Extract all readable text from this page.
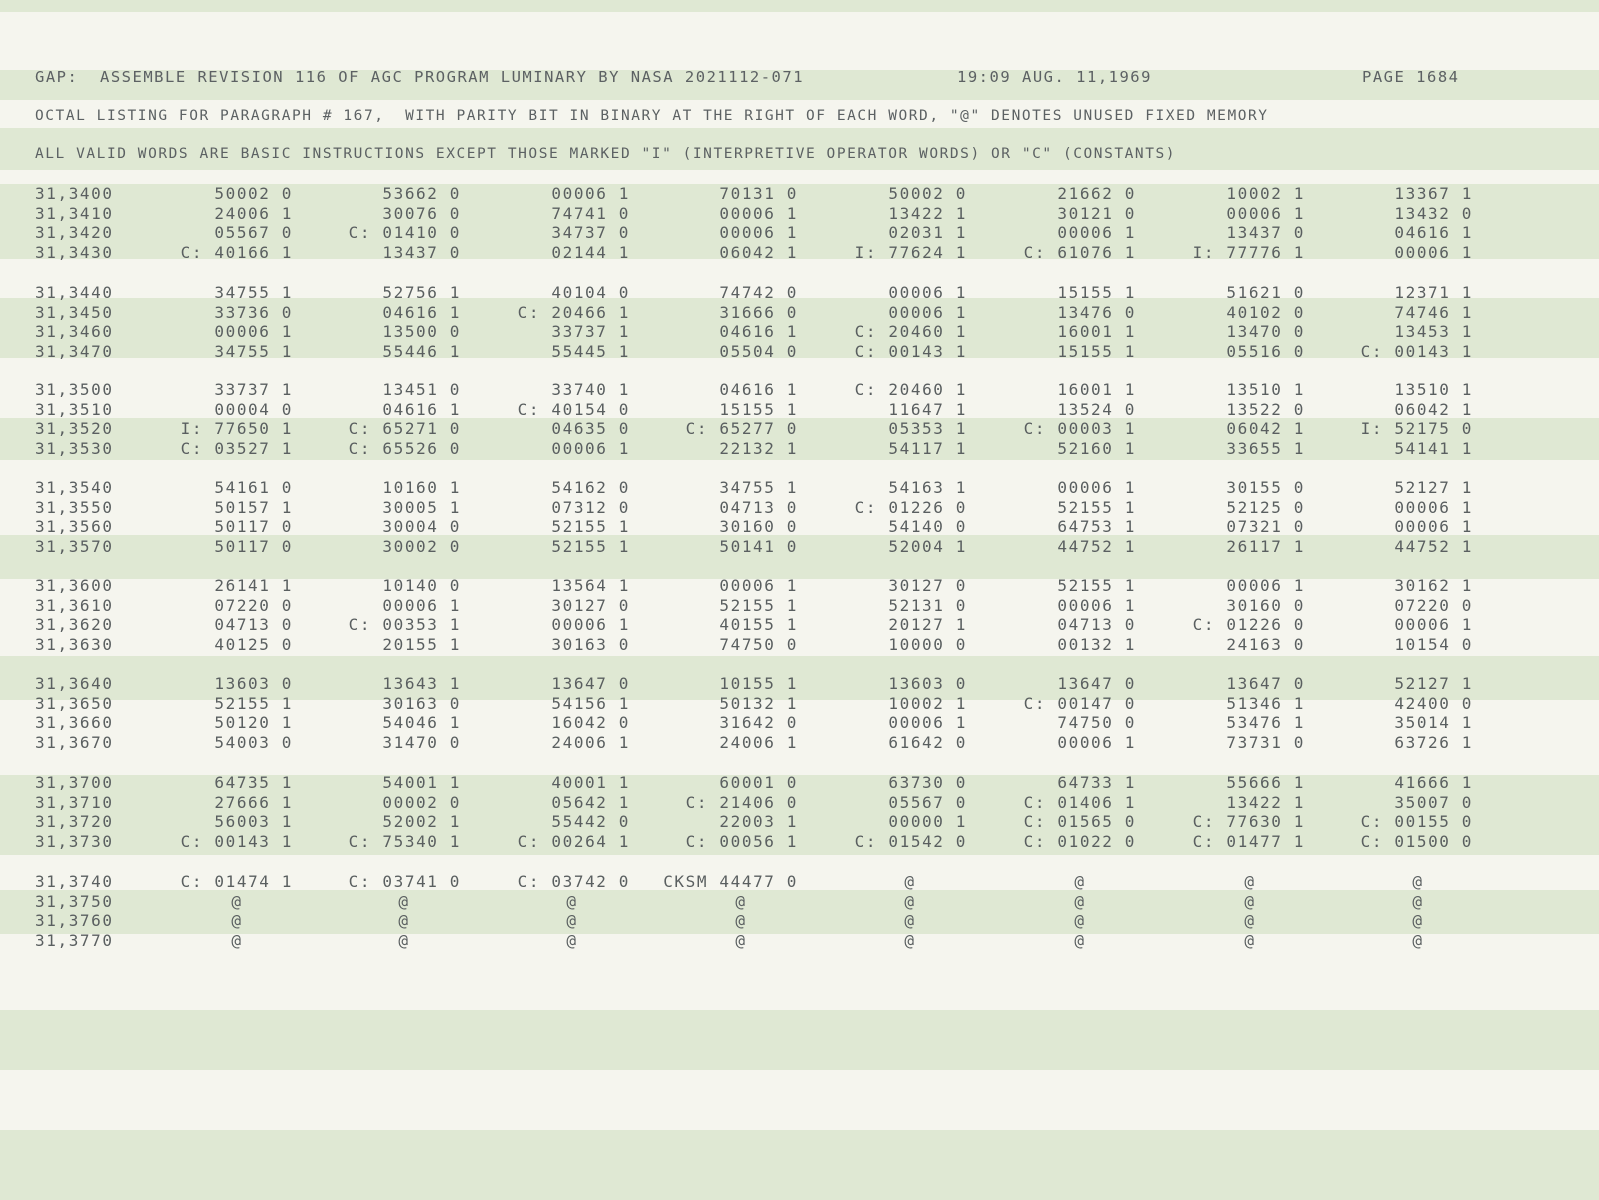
GAP:  ASSEMBLE REVISION 116 OF AGC PROGRAM LUMINARY BY NASA 2021112-071	19:09 AUG. 11,1969	PAGE 1684
OCTAL LISTING FOR PARAGRAPH # 167,  WITH PARITY BIT IN BINARY AT THE RIGHT OF EACH WORD, "@" DENOTES UNUSED FIXED MEMORY
ALL VALID WORDS ARE BASIC INSTRUCTIONS EXCEPT THOSE MARKED "I" (INTERPRETIVE OPERATOR WORDS) OR "C" (CONSTANTS)
31,3400	50002 0	53662 0	00006 1	70131 0	50002 0	21662 0	10002 1	13367 1
31,3410	24006 1	30076 0	74741 0	00006 1	13422 1	30121 0	00006 1	13432 0
31,3420	05567 0	C: 01410 0	34737 0	00006 1	02031 1	00006 1	13437 0	04616 1
31,3430	C: 40166 1	13437 0	02144 1	06042 1	I: 77624 1	C: 61076 1	I: 77776 1	00006 1
31,3440	34755 1	52756 1	40104 0	74742 0	00006 1	15155 1	51621 0	12371 1
31,3450	33736 0	04616 1	C: 20466 1	31666 0	00006 1	13476 0	40102 0	74746 1
31,3460	00006 1	13500 0	33737 1	04616 1	C: 20460 1	16001 1	13470 0	13453 1
31,3470	34755 1	55446 1	55445 1	05504 0	C: 00143 1	15155 1	05516 0	C: 00143 1
31,3500	33737 1	13451 0	33740 1	04616 1	C: 20460 1	16001 1	13510 1	13510 1
31,3510	00004 0	04616 1	C: 40154 0	15155 1	11647 1	13524 0	13522 0	06042 1
31,3520	I: 77650 1	C: 65271 0	04635 0	C: 65277 0	05353 1	C: 00003 1	06042 1	I: 52175 0
31,3530	C: 03527 1	C: 65526 0	00006 1	22132 1	54117 1	52160 1	33655 1	54141 1
31,3540	54161 0	10160 1	54162 0	34755 1	54163 1	00006 1	30155 0	52127 1
31,3550	50157 1	30005 1	07312 0	04713 0	C: 01226 0	52155 1	52125 0	00006 1
31,3560	50117 0	30004 0	52155 1	30160 0	54140 0	64753 1	07321 0	00006 1
31,3570	50117 0	30002 0	52155 1	50141 0	52004 1	44752 1	26117 1	44752 1
31,3600	26141 1	10140 0	13564 1	00006 1	30127 0	52155 1	00006 1	30162 1
31,3610	07220 0	00006 1	30127 0	52155 1	52131 0	00006 1	30160 0	07220 0
31,3620	04713 0	C: 00353 1	00006 1	40155 1	20127 1	04713 0	C: 01226 0	00006 1
31,3630	40125 0	20155 1	30163 0	74750 0	10000 0	00132 1	24163 0	10154 0
31,3640	13603 0	13643 1	13647 0	10155 1	13603 0	13647 0	13647 0	52127 1
31,3650	52155 1	30163 0	54156 1	50132 1	10002 1	C: 00147 0	51346 1	42400 0
31,3660	50120 1	54046 1	16042 0	31642 0	00006 1	74750 0	53476 1	35014 1
31,3670	54003 0	31470 0	24006 1	24006 1	61642 0	00006 1	73731 0	63726 1
31,3700	64735 1	54001 1	40001 1	60001 0	63730 0	64733 1	55666 1	41666 1
31,3710	27666 1	00002 0	05642 1	C: 21406 0	05567 0	C: 01406 1	13422 1	35007 0
31,3720	56003 1	52002 1	55442 0	22003 1	00000 1	C: 01565 0	C: 77630 1	C: 00155 0
31,3730	C: 00143 1	C: 75340 1	C: 00264 1	C: 00056 1	C: 01542 0	C: 01022 0	C: 01477 1	C: 01500 0
31,3740	C: 01474 1	C: 03741 0	C: 03742 0	CKSM 44477 0	@	@	@	@
31,3750	@	@	@	@	@	@	@	@
31,3760	@	@	@	@	@	@	@	@
31,3770	@	@	@	@	@	@	@	@
